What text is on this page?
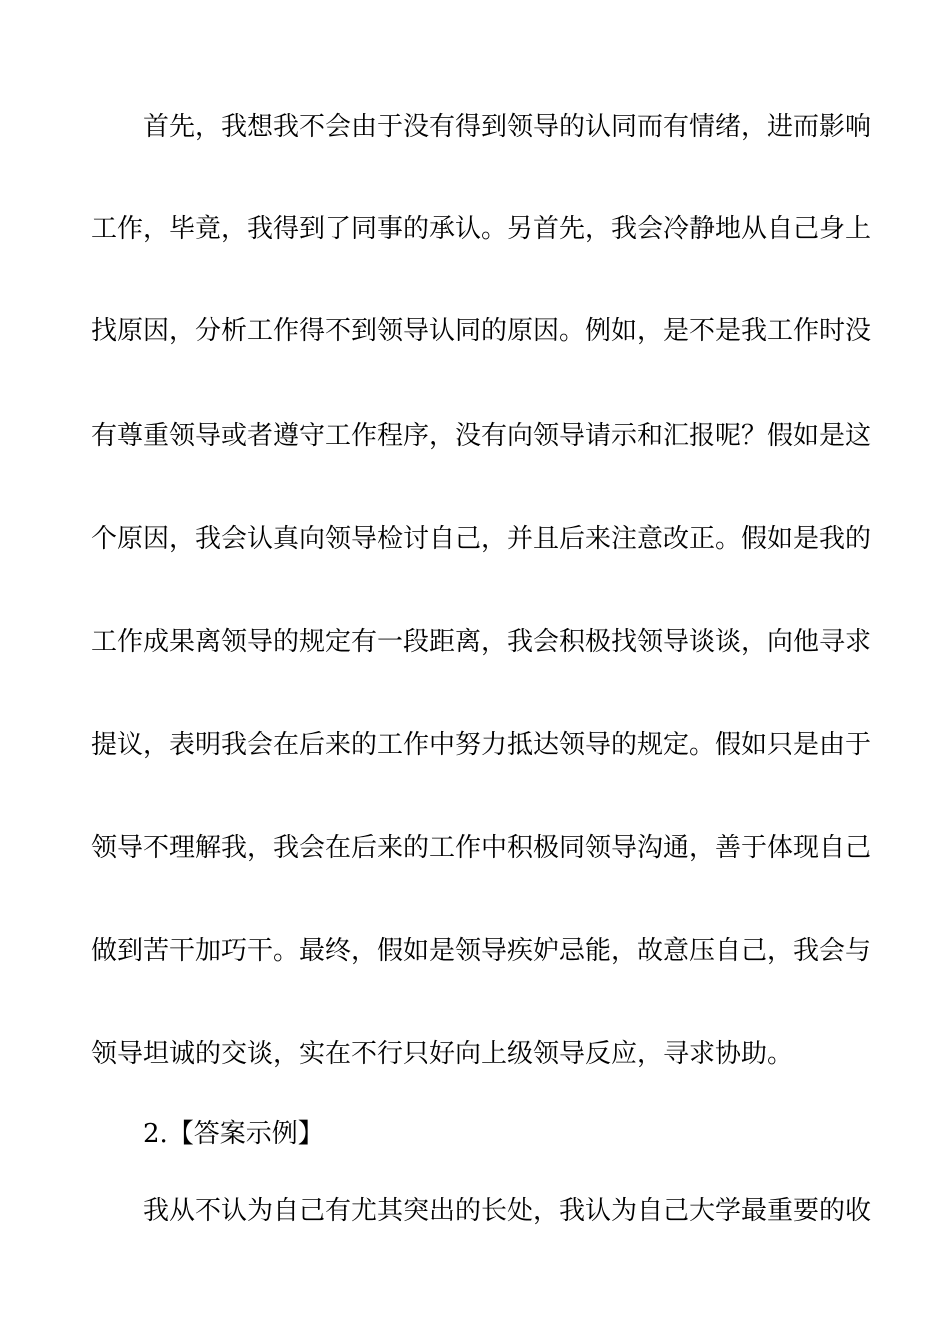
首先，我想我不会由于没有得到领导的认同而有情绪，进而影响
工作，毕竟，我得到了同事的承认。另首先，我会冷静地从自己身上
找原因，分析工作得不到领导认同的原因。例如，是不是我工作时没
有尊重领导或者遵守工作程序，没有向领导请示和汇报呢？假如是这
个原因，我会认真向领导检讨自己，并且后来注意改正。假如是我的
工作成果离领导的规定有一段距离，我会积极找领导谈谈，向他寻求
提议，表明我会在后来的工作中努力抵达领导的规定。假如只是由于
领导不理解我，我会在后来的工作中积极同领导沟通，善于体现自己
做到苦干加巧干。最终，假如是领导疾妒忌能，故意压自己，我会与
领导坦诚的交谈，实在不行只好向上级领导反应，寻求协助。
2.【答案示例】
我从不认为自己有尤其突出的长处，我认为自己大学最重要的收
